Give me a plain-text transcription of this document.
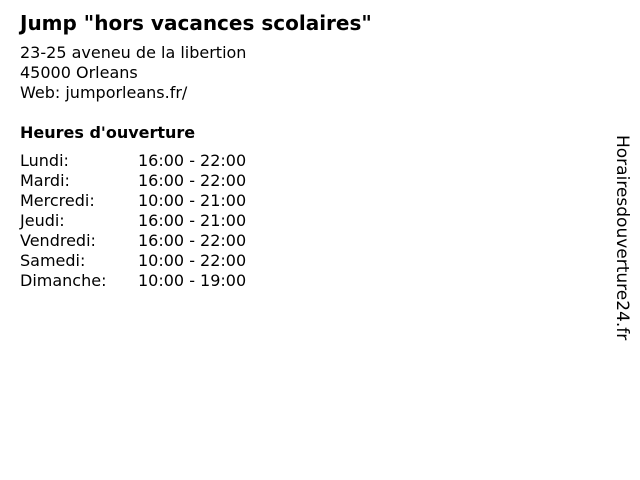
Jump "hors vacances scolaires"
23-25 aveneu de la libertion
45000 Orleans
Web: jumporleans.fr/
Heures d'ouverture
Lundi:	16:00 - 22:00
Mardi:	16:00 - 22:00
Mercredi:	10:00 - 21:00
Jeudi:	16:00 - 21:00
Vendredi:	16:00 - 22:00
Samedi:	10:00 - 22:00
Dimanche:	10:00 - 19:00	Horairesdouverture24.fr
